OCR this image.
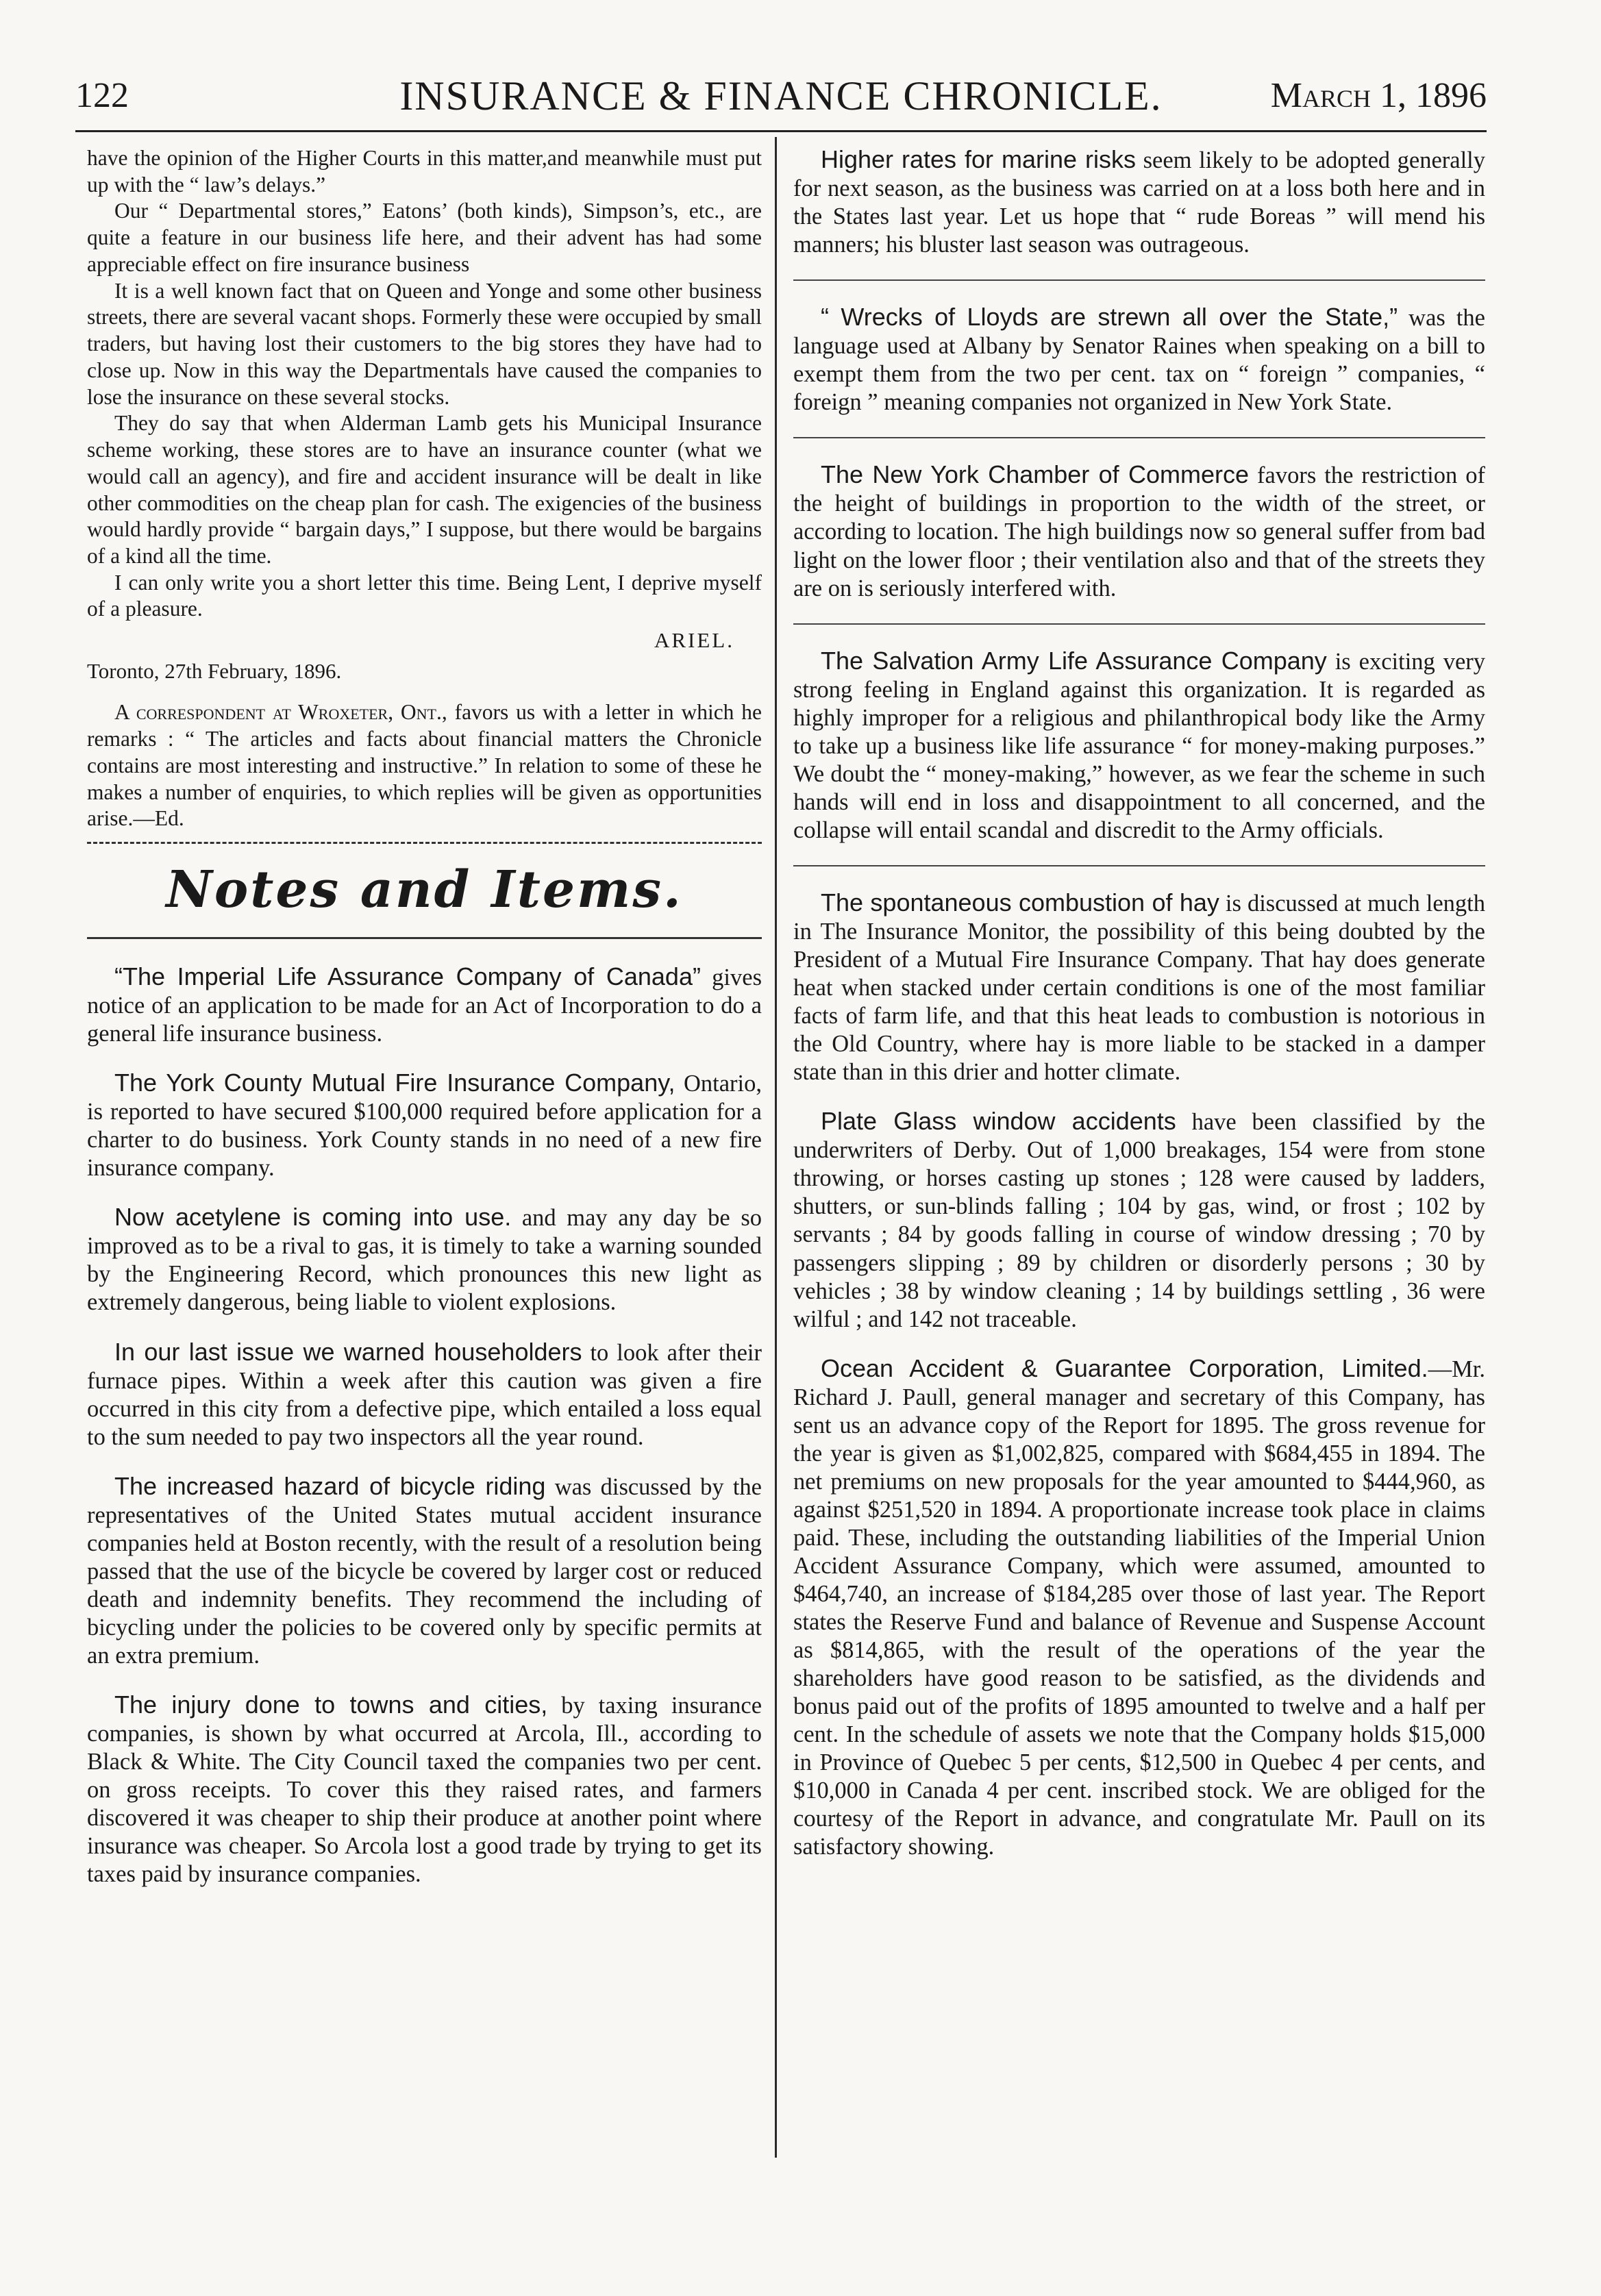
122	INSURANCE & FINANCE CHRONICLE.	March 1, 1896

have the opinion of the Higher Courts in this matter,and meanwhile must put up with the “ law’s delays.”

Our “ Departmental stores,” Eatons’ (both kinds), Simpson’s, etc., are quite a feature in our business life here, and their advent has had some appreciable effect on fire insurance business

It is a well known fact that on Queen and Yonge and some other business streets, there are several vacant shops. Formerly these were occupied by small traders, but having lost their customers to the big stores they have had to close up. Now in this way the Departmentals have caused the companies to lose the insurance on these several stocks.

They do say that when Alderman Lamb gets his Municipal Insurance scheme working, these stores are to have an insurance counter (what we would call an agency), and fire and accident insurance will be dealt in like other commodities on the cheap plan for cash. The exigencies of the business would hardly provide “ bargain days,” I suppose, but there would be bargains of a kind all the time.

I can only write you a short letter this time. Being Lent, I deprive myself of a pleasure.

ARIEL.

Toronto, 27th February, 1896.

A correspondent at Wroxeter, Ont., favors us with a letter in which he remarks : “ The articles and facts about financial matters the Chronicle contains are most interesting and instructive.” In relation to some of these he makes a number of enquiries, to which replies will be given as opportunities arise.—Ed.

Notes and Items.

“The Imperial Life Assurance Company of Canada” gives notice of an application to be made for an Act of Incorporation to do a general life insurance business.

The York County Mutual Fire Insurance Company, Ontario, is reported to have secured $100,000 required before application for a charter to do business. York County stands in no need of a new fire insurance company.

Now acetylene is coming into use. and may any day be so improved as to be a rival to gas, it is timely to take a warning sounded by the Engineering Record, which pronounces this new light as extremely dangerous, being liable to violent explosions.

In our last issue we warned householders to look after their furnace pipes. Within a week after this caution was given a fire occurred in this city from a defective pipe, which entailed a loss equal to the sum needed to pay two inspectors all the year round.

The increased hazard of bicycle riding was discussed by the representatives of the United States mutual accident insurance companies held at Boston recently, with the result of a resolution being passed that the use of the bicycle be covered by larger cost or reduced death and indemnity benefits. They recommend the including of bicycling under the policies to be covered only by specific permits at an extra premium.

The injury done to towns and cities, by taxing insurance companies, is shown by what occurred at Arcola, Ill., according to Black & White. The City Council taxed the companies two per cent. on gross receipts. To cover this they raised rates, and farmers discovered it was cheaper to ship their produce at another point where insurance was cheaper. So Arcola lost a good trade by trying to get its taxes paid by insurance companies.

Higher rates for marine risks seem likely to be adopted generally for next season, as the business was carried on at a loss both here and in the States last year. Let us hope that “ rude Boreas ” will mend his manners; his bluster last season was outrageous.

“ Wrecks of Lloyds are strewn all over the State,” was the language used at Albany by Senator Raines when speaking on a bill to exempt them from the two per cent. tax on “ foreign ” companies, “ foreign ” meaning companies not organized in New York State.

The New York Chamber of Commerce favors the restriction of the height of buildings in proportion to the width of the street, or according to location. The high buildings now so general suffer from bad light on the lower floor ; their ventilation also and that of the streets they are on is seriously interfered with.

The Salvation Army Life Assurance Company is exciting very strong feeling in England against this organization. It is regarded as highly improper for a religious and philanthropical body like the Army to take up a business like life assurance “ for money-making purposes.” We doubt the “ money-making,” however, as we fear the scheme in such hands will end in loss and disappointment to all concerned, and the collapse will entail scandal and discredit to the Army officials.

The spontaneous combustion of hay is discussed at much length in The Insurance Monitor, the possibility of this being doubted by the President of a Mutual Fire Insurance Company. That hay does generate heat when stacked under certain conditions is one of the most familiar facts of farm life, and that this heat leads to combustion is notorious in the Old Country, where hay is more liable to be stacked in a damper state than in this drier and hotter climate.

Plate Glass window accidents have been classified by the underwriters of Derby. Out of 1,000 breakages, 154 were from stone throwing, or horses casting up stones ; 128 were caused by ladders, shutters, or sun-blinds falling ; 104 by gas, wind, or frost ; 102 by servants ; 84 by goods falling in course of window dressing ; 70 by passengers slipping ; 89 by children or disorderly persons ; 30 by vehicles ; 38 by window cleaning ; 14 by buildings settling , 36 were wilful ; and 142 not traceable.

Ocean Accident & Guarantee Corporation, Limited.—Mr. Richard J. Paull, general manager and secretary of this Company, has sent us an advance copy of the Report for 1895. The gross revenue for the year is given as $1,002,825, compared with $684,455 in 1894. The net premiums on new proposals for the year amounted to $444,960, as against $251,520 in 1894. A proportionate increase took place in claims paid. These, including the outstanding liabilities of the Imperial Union Accident Assurance Company, which were assumed, amounted to $464,740, an increase of $184,285 over those of last year. The Report states the Reserve Fund and balance of Revenue and Suspense Account as $814,865, with the result of the operations of the year the shareholders have good reason to be satisfied, as the dividends and bonus paid out of the profits of 1895 amounted to twelve and a half per cent. In the schedule of assets we note that the Company holds $15,000 in Province of Quebec 5 per cents, $12,500 in Quebec 4 per cents, and $10,000 in Canada 4 per cent. inscribed stock. We are obliged for the courtesy of the Report in advance, and congratulate Mr. Paull on its satisfactory showing.
